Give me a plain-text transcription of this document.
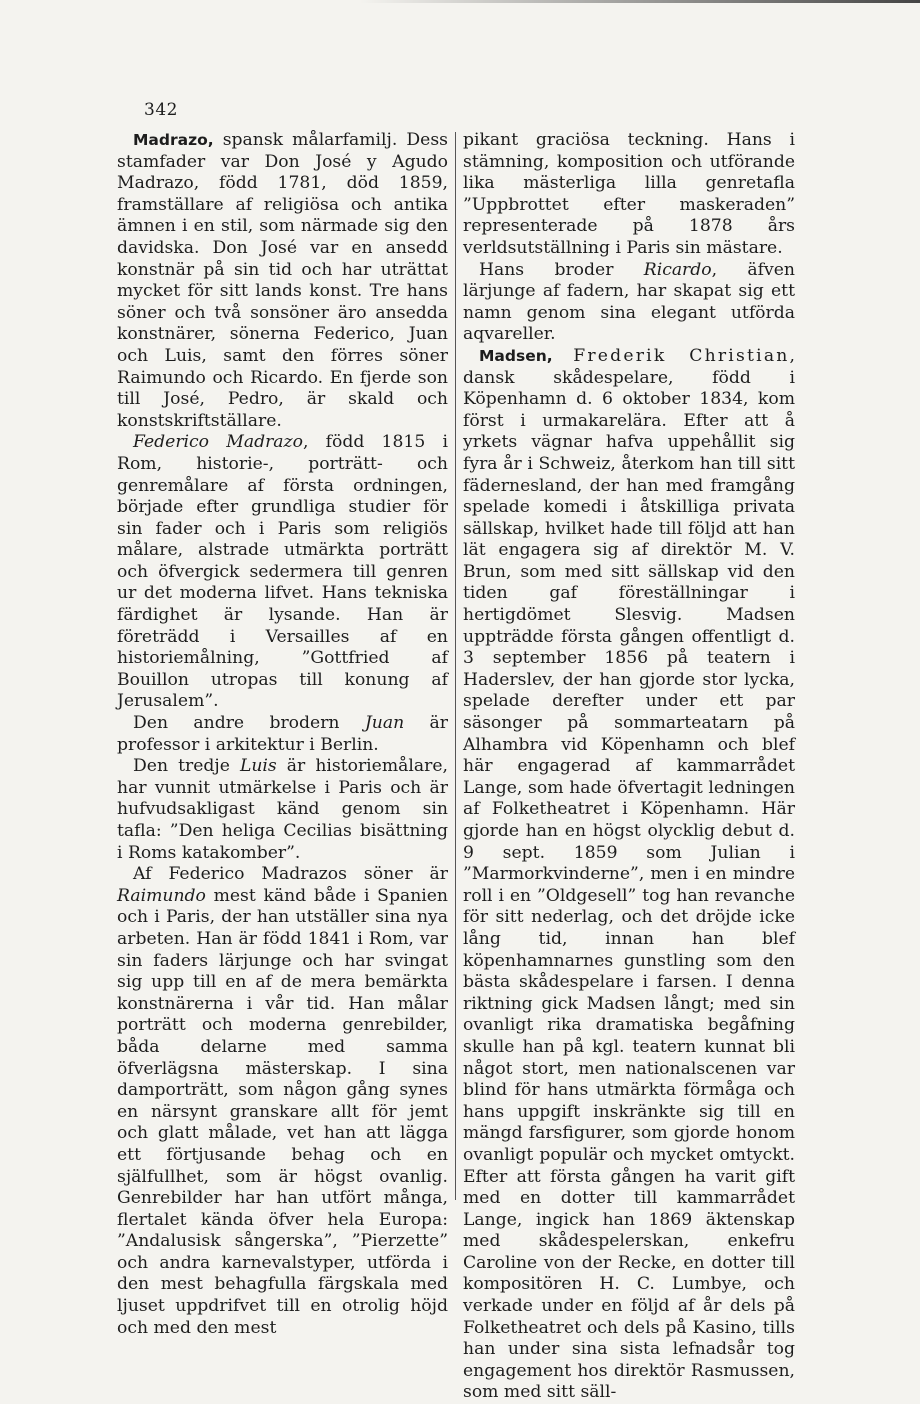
342

Madrazo, spansk målarfamilj. Dess stamfader var Don José y Agudo Madrazo, född 1781, död 1859, framställare af religiösa och antika ämnen i en stil, som närmade sig den davidska. Don José var en ansedd konstnär på sin tid och har uträttat mycket för sitt lands konst. Tre hans söner och två sonsöner äro ansedda konstnärer, sönerna Federico, Juan och Luis, samt den förres söner Raimundo och Ricardo. En fjerde son till José, Pedro, är skald och konstskriftställare.

Federico Madrazo, född 1815 i Rom, historie-, porträtt- och genremålare af första ordningen, började efter grundliga studier för sin fader och i Paris som religiös målare, alstrade utmärkta porträtt och öfvergick sedermera till genren ur det moderna lifvet. Hans tekniska färdighet är lysande. Han är företrädd i Versailles af en historiemålning, ”Gottfried af Bouillon utropas till konung af Jerusalem”.

Den andre brodern Juan är professor i arkitektur i Berlin.

Den tredje Luis är historiemålare, har vunnit utmärkelse i Paris och är hufvudsakligast känd genom sin tafla: ”Den heliga Cecilias bisättning i Roms katakomber”.

Af Federico Madrazos söner är Raimundo mest känd både i Spanien och i Paris, der han utställer sina nya arbeten. Han är född 1841 i Rom, var sin faders lärjunge och har svingat sig upp till en af de mera bemärkta konstnärerna i vår tid. Han målar porträtt och moderna genrebilder, båda delarne med samma öfverlägsna mästerskap. I sina damporträtt, som någon gång synes en närsynt granskare allt för jemt och glatt målade, vet han att lägga ett förtjusande behag och en själfullhet, som är högst ovanlig. Genrebilder har han utfört många, flertalet kända öfver hela Europa: ”Andalusisk sångerska”, ”Pierzette” och andra karnevalstyper, utförda i den mest behagfulla färgskala med ljuset uppdrifvet till en otrolig höjd och med den mest

pikant graciösa teckning. Hans i stämning, komposition och utförande lika mästerliga lilla genretafla ”Uppbrottet efter maskeraden” representerade på 1878 års verldsutställning i Paris sin mästare.

Hans broder Ricardo, äfven lärjunge af fadern, har skapat sig ett namn genom sina elegant utförda aqvareller.

Madsen, Frederik Christian, dansk skådespelare, född i Köpenhamn d. 6 oktober 1834, kom först i urmakarelära. Efter att å yrkets vägnar hafva uppehållit sig fyra år i Schweiz, återkom han till sitt fädernesland, der han med framgång spelade komedi i åtskilliga privata sällskap, hvilket hade till följd att han lät engagera sig af direktör M. V. Brun, som med sitt sällskap vid den tiden gaf föreställningar i hertigdömet Slesvig. Madsen uppträdde första gången offentligt d. 3 september 1856 på teatern i Haderslev, der han gjorde stor lycka, spelade derefter under ett par säsonger på sommarteatarn på Alhambra vid Köpenhamn och blef här engagerad af kammarrådet Lange, som hade öfvertagit ledningen af Folketheatret i Köpenhamn. Här gjorde han en högst olycklig debut d. 9 sept. 1859 som Julian i ”Marmorkvinderne”, men i en mindre roll i en ”Oldgesell” tog han revanche för sitt nederlag, och det dröjde icke lång tid, innan han blef köpenhamnarnes gunstling som den bästa skådespelare i farsen. I denna riktning gick Madsen långt; med sin ovanligt rika dramatiska begåfning skulle han på kgl. teatern kunnat bli något stort, men nationalscenen var blind för hans utmärkta förmåga och hans uppgift inskränkte sig till en mängd farsfigurer, som gjorde honom ovanligt populär och mycket omtyckt. Efter att första gången ha varit gift med en dotter till kammarrådet Lange, ingick han 1869 äktenskap med skådespelerskan, enkefru Caroline von der Recke, en dotter till kompositören H. C. Lumbye, och verkade under en följd af år dels på Folketheatret och dels på Kasino, tills han under sina sista lefnadsår tog engagement hos direktör Rasmussen, som med sitt säll-
